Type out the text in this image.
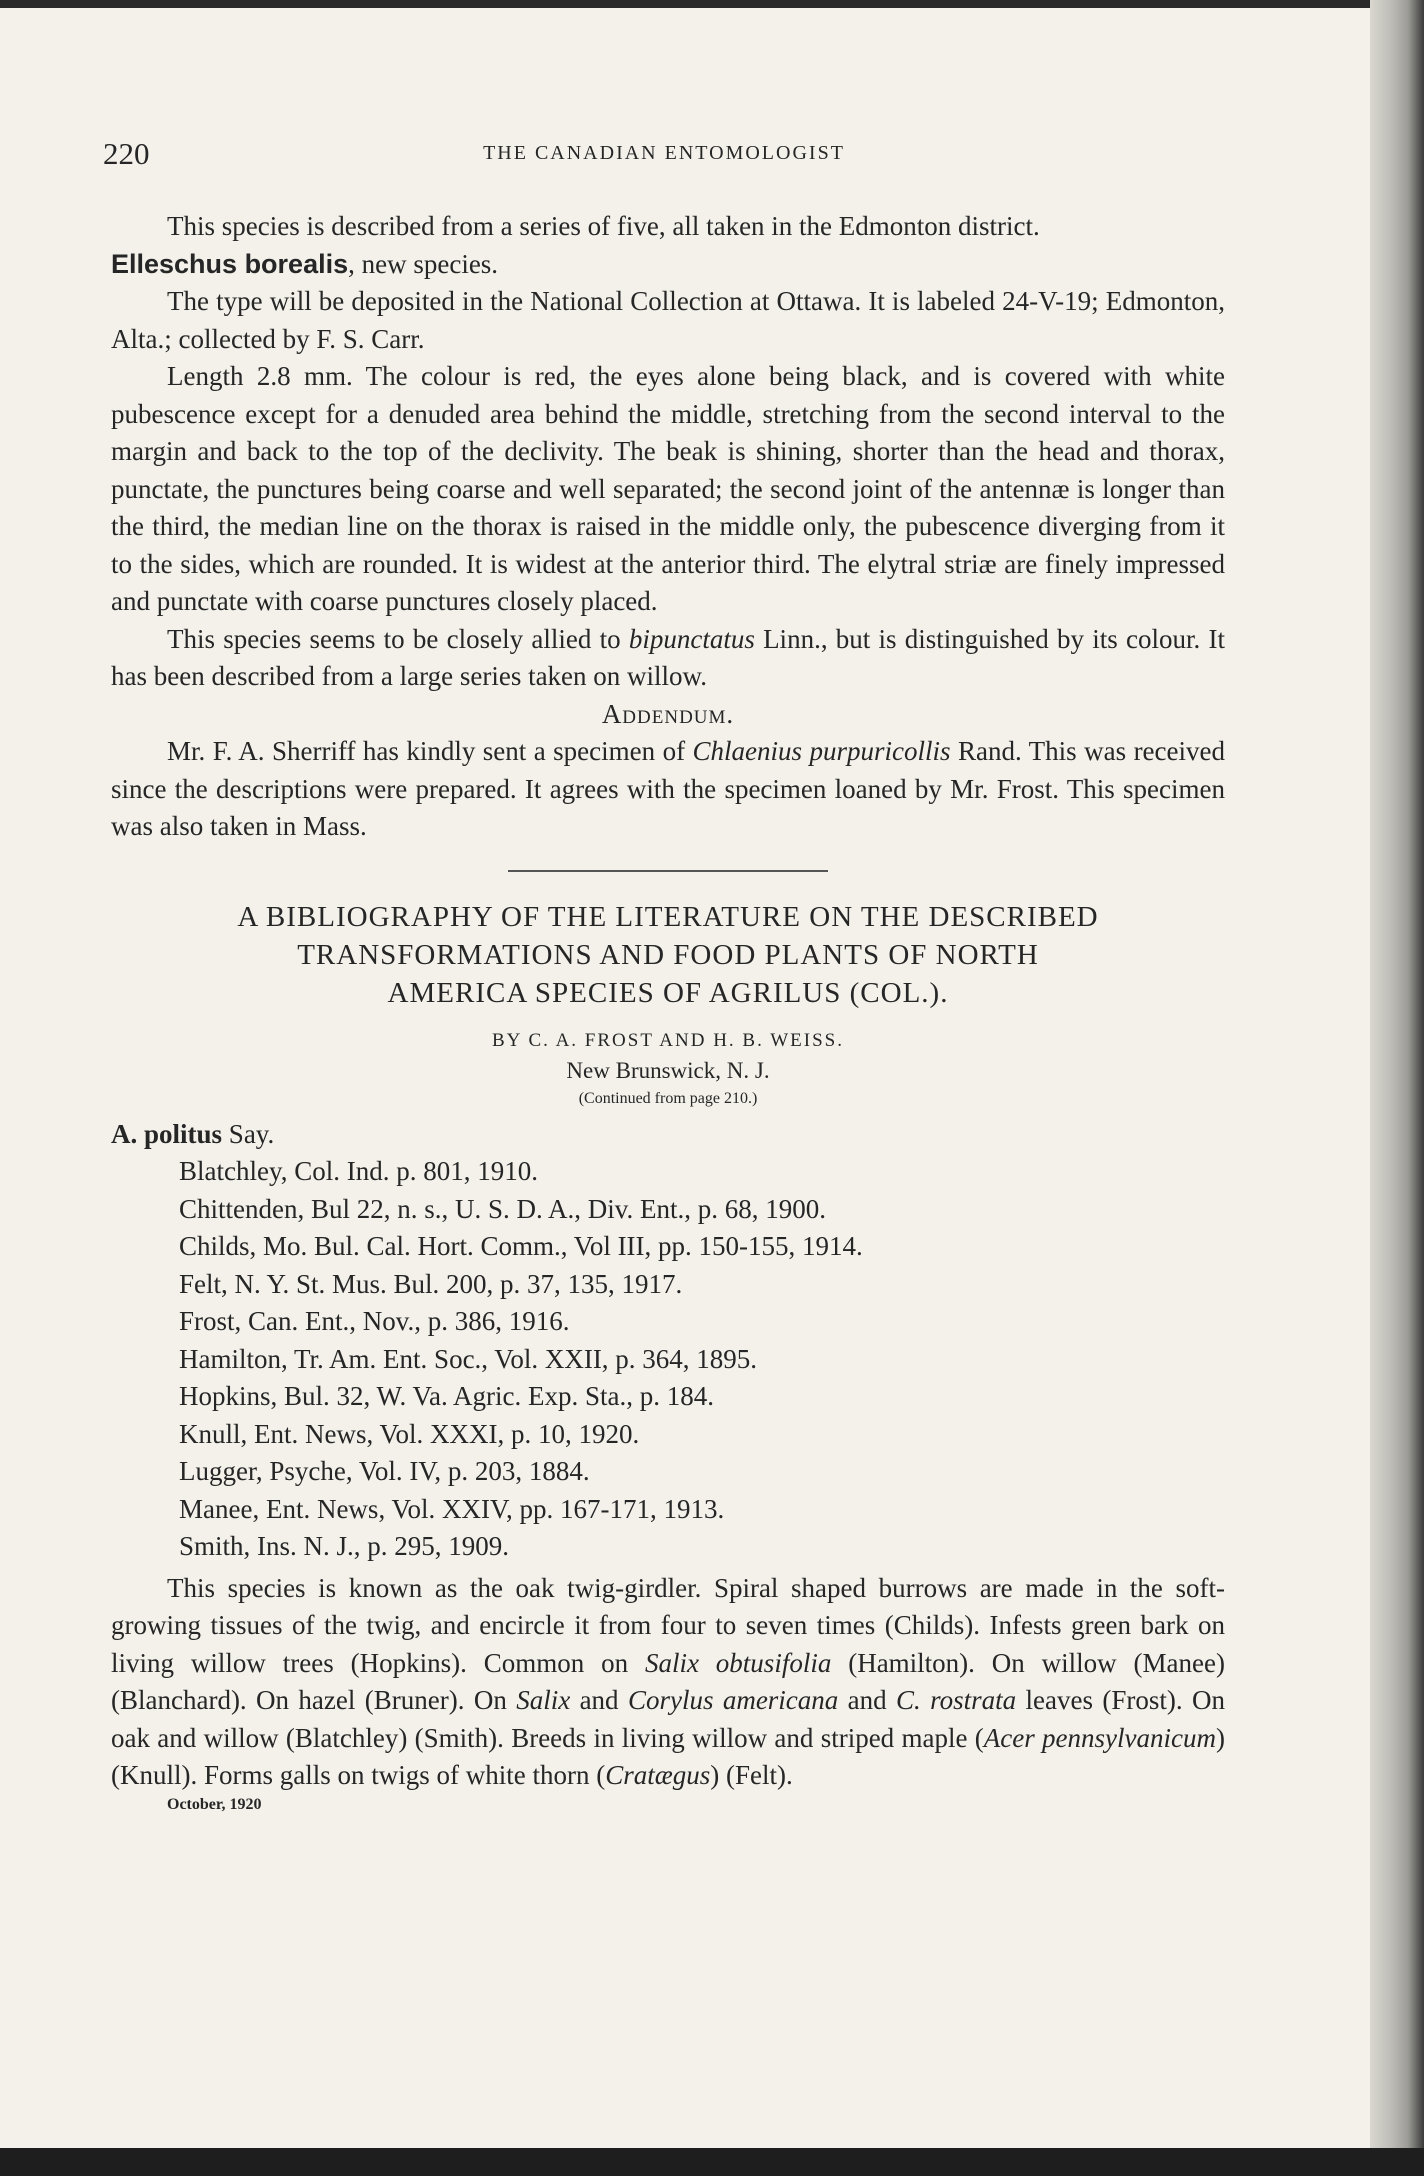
220	THE CANADIAN ENTOMOLOGIST

This species is described from a series of five, all taken in the Edmonton district.

Elleschus borealis, new species.

The type will be deposited in the National Collection at Ottawa. It is labeled 24-V-19; Edmonton, Alta.; collected by F. S. Carr.

Length 2.8 mm. The colour is red, the eyes alone being black, and is covered with white pubescence except for a denuded area behind the middle, stretching from the second interval to the margin and back to the top of the declivity. The beak is shining, shorter than the head and thorax, punctate, the punctures being coarse and well separated; the second joint of the antennæ is longer than the third, the median line on the thorax is raised in the middle only, the pubescence diverging from it to the sides, which are rounded. It is widest at the anterior third. The elytral striæ are finely impressed and punctate with coarse punctures closely placed.

This species seems to be closely allied to bipunctatus Linn., but is distinguished by its colour. It has been described from a large series taken on willow.

Addendum.

Mr. F. A. Sherriff has kindly sent a specimen of Chlaenius purpuricollis Rand. This was received since the descriptions were prepared. It agrees with the specimen loaned by Mr. Frost. This specimen was also taken in Mass.

A BIBLIOGRAPHY OF THE LITERATURE ON THE DESCRIBED
TRANSFORMATIONS AND FOOD PLANTS OF NORTH
AMERICA SPECIES OF AGRILUS (COL.).
BY C. A. FROST AND H. B. WEISS.
New Brunswick, N. J.
(Continued from page 210.)

A. politus Say.

Blatchley, Col. Ind. p. 801, 1910.
Chittenden, Bul 22, n. s., U. S. D. A., Div. Ent., p. 68, 1900.
Childs, Mo. Bul. Cal. Hort. Comm., Vol III, pp. 150-155, 1914.
Felt, N. Y. St. Mus. Bul. 200, p. 37, 135, 1917.
Frost, Can. Ent., Nov., p. 386, 1916.
Hamilton, Tr. Am. Ent. Soc., Vol. XXII, p. 364, 1895.
Hopkins, Bul. 32, W. Va. Agric. Exp. Sta., p. 184.
Knull, Ent. News, Vol. XXXI, p. 10, 1920.
Lugger, Psyche, Vol. IV, p. 203, 1884.
Manee, Ent. News, Vol. XXIV, pp. 167-171, 1913.
Smith, Ins. N. J., p. 295, 1909.

This species is known as the oak twig-girdler. Spiral shaped burrows are made in the soft-growing tissues of the twig, and encircle it from four to seven times (Childs). Infests green bark on living willow trees (Hopkins). Common on Salix obtusifolia (Hamilton). On willow (Manee) (Blanchard). On hazel (Bruner). On Salix and Corylus americana and C. rostrata leaves (Frost). On oak and willow (Blatchley) (Smith). Breeds in living willow and striped maple (Acer pennsylvanicum) (Knull). Forms galls on twigs of white thorn (Cratægus) (Felt).

October, 1920
